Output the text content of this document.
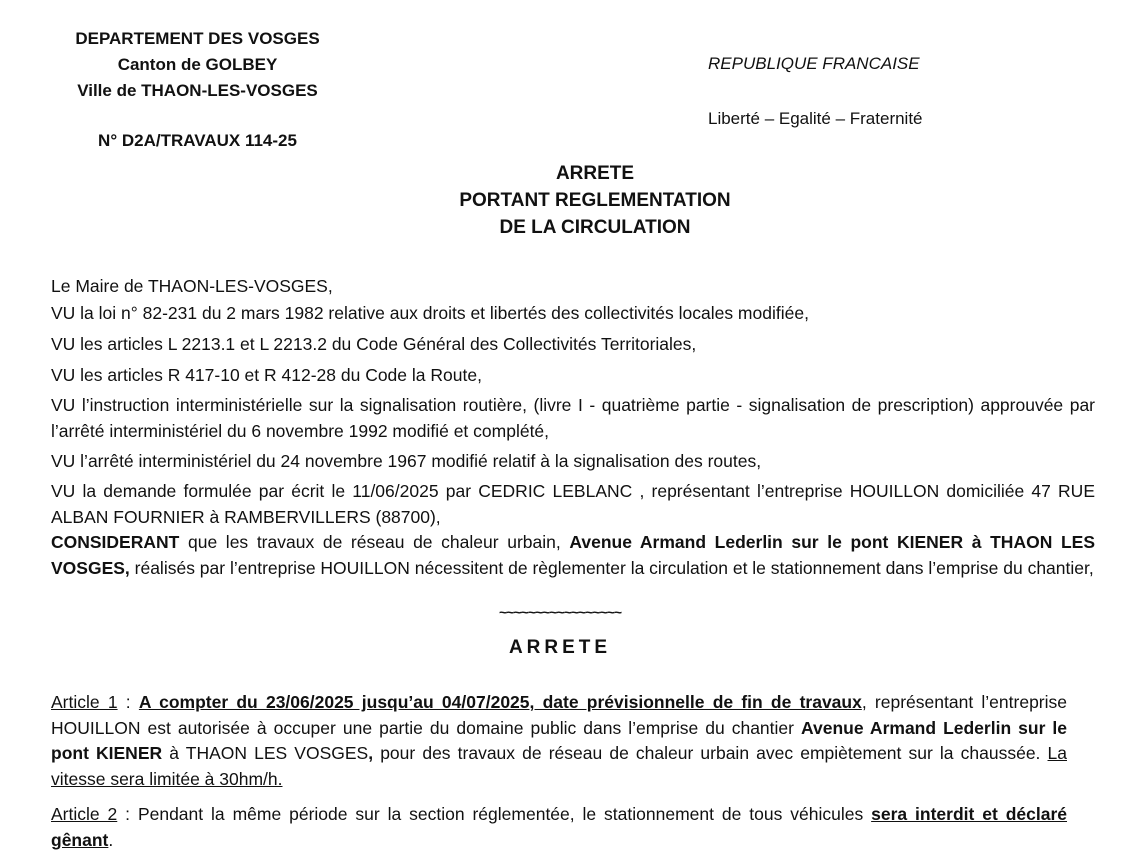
DEPARTEMENT DES VOSGES
Canton de GOLBEY
Ville de THAON-LES-VOSGES
N° D2A/TRAVAUX 114-25
REPUBLIQUE FRANCAISE
Liberté – Egalité – Fraternité
ARRETE
PORTANT REGLEMENTATION
DE LA CIRCULATION
Le Maire de THAON-LES-VOSGES,
VU la loi n° 82-231 du 2 mars 1982 relative aux droits et libertés des collectivités locales modifiée,
VU les articles L 2213.1 et L 2213.2 du Code Général des Collectivités Territoriales,
VU les articles R 417-10 et R 412-28 du Code la Route,
VU l’instruction interministérielle sur la signalisation routière, (livre I - quatrième partie - signalisation de prescription) approuvée par l’arrêté interministériel du 6 novembre 1992 modifié et complété,
VU l’arrêté interministériel du 24 novembre 1967 modifié relatif à la signalisation des routes,
VU la demande formulée par écrit le 11/06/2025 par CEDRIC LEBLANC , représentant l’entreprise HOUILLON domiciliée 47 RUE ALBAN FOURNIER à RAMBERVILLERS (88700),
CONSIDERANT que les travaux de réseau de chaleur urbain, Avenue Armand Lederlin sur le pont KIENER à THAON LES VOSGES, réalisés par l’entreprise HOUILLON nécessitent de règlementer la circulation et le stationnement dans l’emprise du chantier,
~~~~~~~~~~~~~~~~~
ARRETE
Article 1 : A compter du 23/06/2025 jusqu’au 04/07/2025, date prévisionnelle de fin de travaux, représentant l’entreprise HOUILLON est autorisée à occuper une partie du domaine public dans l’emprise du chantier Avenue Armand Lederlin sur le pont KIENER à THAON LES VOSGES, pour des travaux de réseau de chaleur urbain avec empiètement sur la chaussée. La vitesse sera limitée à 30hm/h.
Article 2 : Pendant la même période sur la section réglementée, le stationnement de tous véhicules sera interdit et déclaré gênant.
